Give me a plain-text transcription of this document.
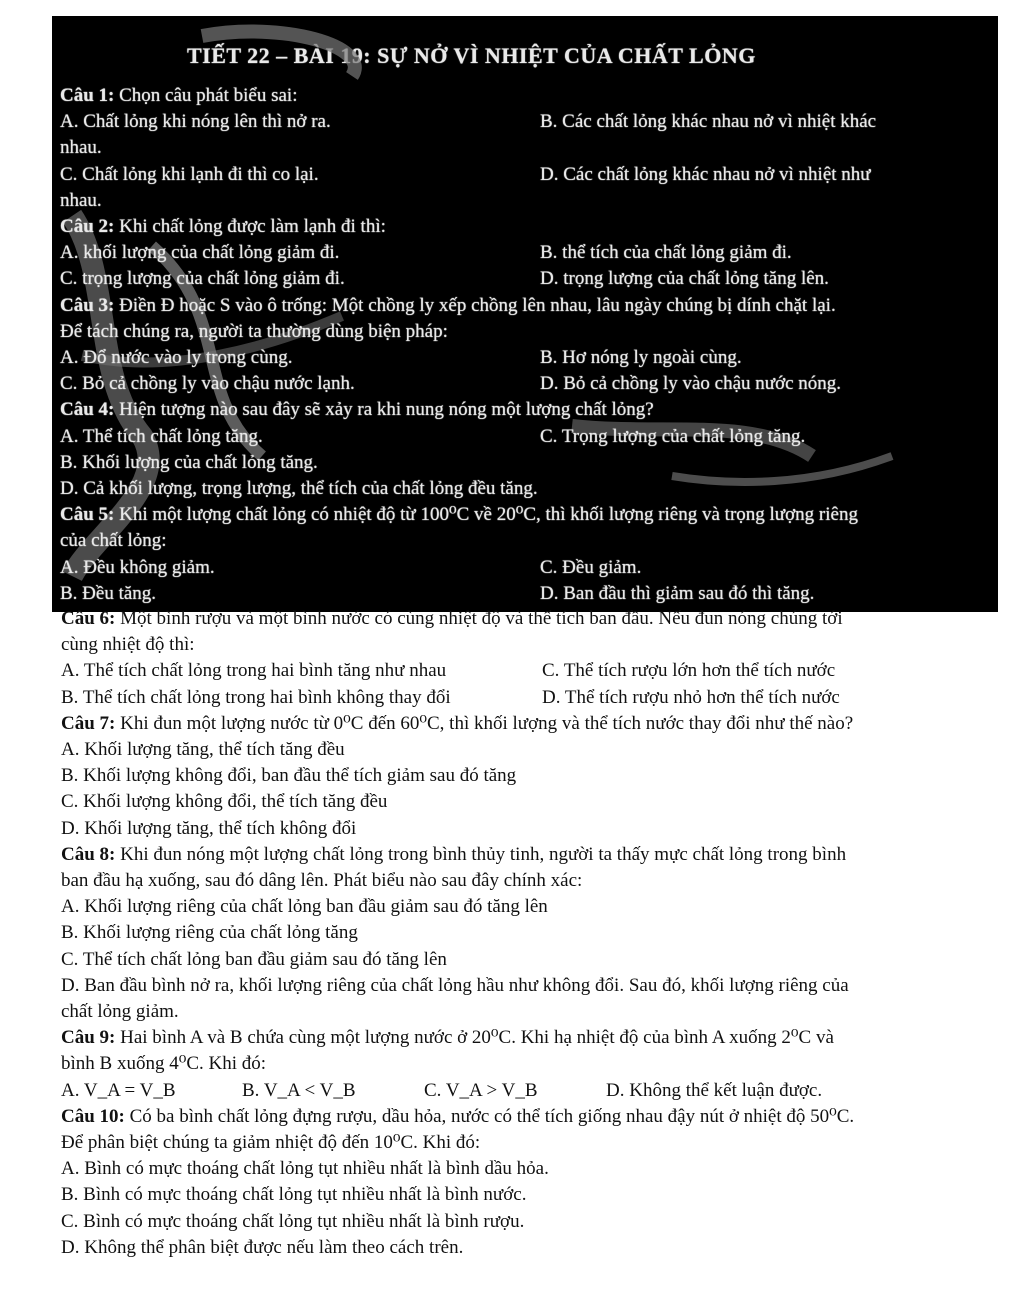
TIẾT 22 – BÀI 19: SỰ NỞ VÌ NHIỆT CỦA CHẤT LỎNG
Câu 1: Chọn câu phát biểu sai:
A. Chất lỏng khi nóng lên thì nở ra.	B. Các chất lỏng khác nhau nở vì nhiệt khác
nhau.
C. Chất lỏng khi lạnh đi thì co lại.	D. Các chất lỏng khác nhau nở vì nhiệt như
nhau.
Câu 2: Khi chất lỏng được làm lạnh đi thì:
A. khối lượng của chất lỏng giảm đi.	B. thể tích của chất lỏng giảm đi.
C. trọng lượng của chất lỏng giảm đi.	D. trọng lượng của chất lỏng tăng lên.
Câu 3: Điền Đ hoặc S vào ô trống: Một chồng ly xếp chồng lên nhau, lâu ngày chúng bị dính chặt lại.
Để tách chúng ra, người ta thường dùng biện pháp:
A. Đổ nước vào ly trong cùng.	B. Hơ nóng ly ngoài cùng.
C. Bỏ cả chồng ly vào chậu nước lạnh.	D. Bỏ cả chồng ly vào chậu nước nóng.
Câu 4: Hiện tượng nào sau đây sẽ xảy ra khi nung nóng một lượng chất lỏng?
A. Thể tích chất lỏng tăng.	C. Trọng lượng của chất lỏng tăng.
B. Khối lượng của chất lỏng tăng.
D. Cả khối lượng, trọng lượng, thể tích của chất lỏng đều tăng.
Câu 5: Khi một lượng chất lỏng có nhiệt độ từ 100⁰C về 20⁰C, thì khối lượng riêng và trọng lượng riêng
của chất lỏng:
A. Đều không giảm.	C. Đều giảm.
B. Đều tăng.	D. Ban đầu thì giảm sau đó thì tăng.
Câu 6: Một bình rượu và một bình nước có cùng nhiệt độ và thể tích ban đầu. Nếu đun nóng chúng tới
cùng nhiệt độ thì:
A. Thể tích chất lỏng trong hai bình tăng như nhau	C. Thể tích rượu lớn hơn thể tích nước
B. Thể tích chất lỏng trong hai bình không thay đổi	D. Thể tích rượu nhỏ hơn thể tích nước
Câu 7: Khi đun một lượng nước từ 0⁰C đến 60⁰C, thì khối lượng và thể tích nước thay đổi như thế nào?
A. Khối lượng tăng, thể tích tăng đều
B. Khối lượng không đổi, ban đầu thể tích giảm sau đó tăng
C. Khối lượng không đổi, thể tích tăng đều
D. Khối lượng tăng, thể tích không đổi
Câu 8: Khi đun nóng một lượng chất lỏng trong bình thủy tinh, người ta thấy mực chất lỏng trong bình
ban đầu hạ xuống, sau đó dâng lên. Phát biểu nào sau đây chính xác:
A. Khối lượng riêng của chất lỏng ban đầu giảm sau đó tăng lên
B. Khối lượng riêng của chất lỏng tăng
C. Thể tích chất lỏng ban đầu giảm sau đó tăng lên
D. Ban đầu bình nở ra, khối lượng riêng của chất lỏng hầu như không đổi. Sau đó, khối lượng riêng của
chất lỏng giảm.
Câu 9: Hai bình A và B chứa cùng một lượng nước ở 20⁰C. Khi hạ nhiệt độ của bình A xuống 2⁰C và
bình B xuống 4⁰C. Khi đó:
A. V_A = V_B	B. V_A < V_B	C. V_A > V_B	D. Không thể kết luận được.
Câu 10: Có ba bình chất lỏng đựng rượu, dầu hỏa, nước có thể tích giống nhau đậy nút ở nhiệt độ 50⁰C.
Để phân biệt chúng ta giảm nhiệt độ đến 10⁰C. Khi đó:
A. Bình có mực thoáng chất lỏng tụt nhiều nhất là bình dầu hỏa.
B. Bình có mực thoáng chất lỏng tụt nhiều nhất là bình nước.
C. Bình có mực thoáng chất lỏng tụt nhiều nhất là bình rượu.
D. Không thể phân biệt được nếu làm theo cách trên.
